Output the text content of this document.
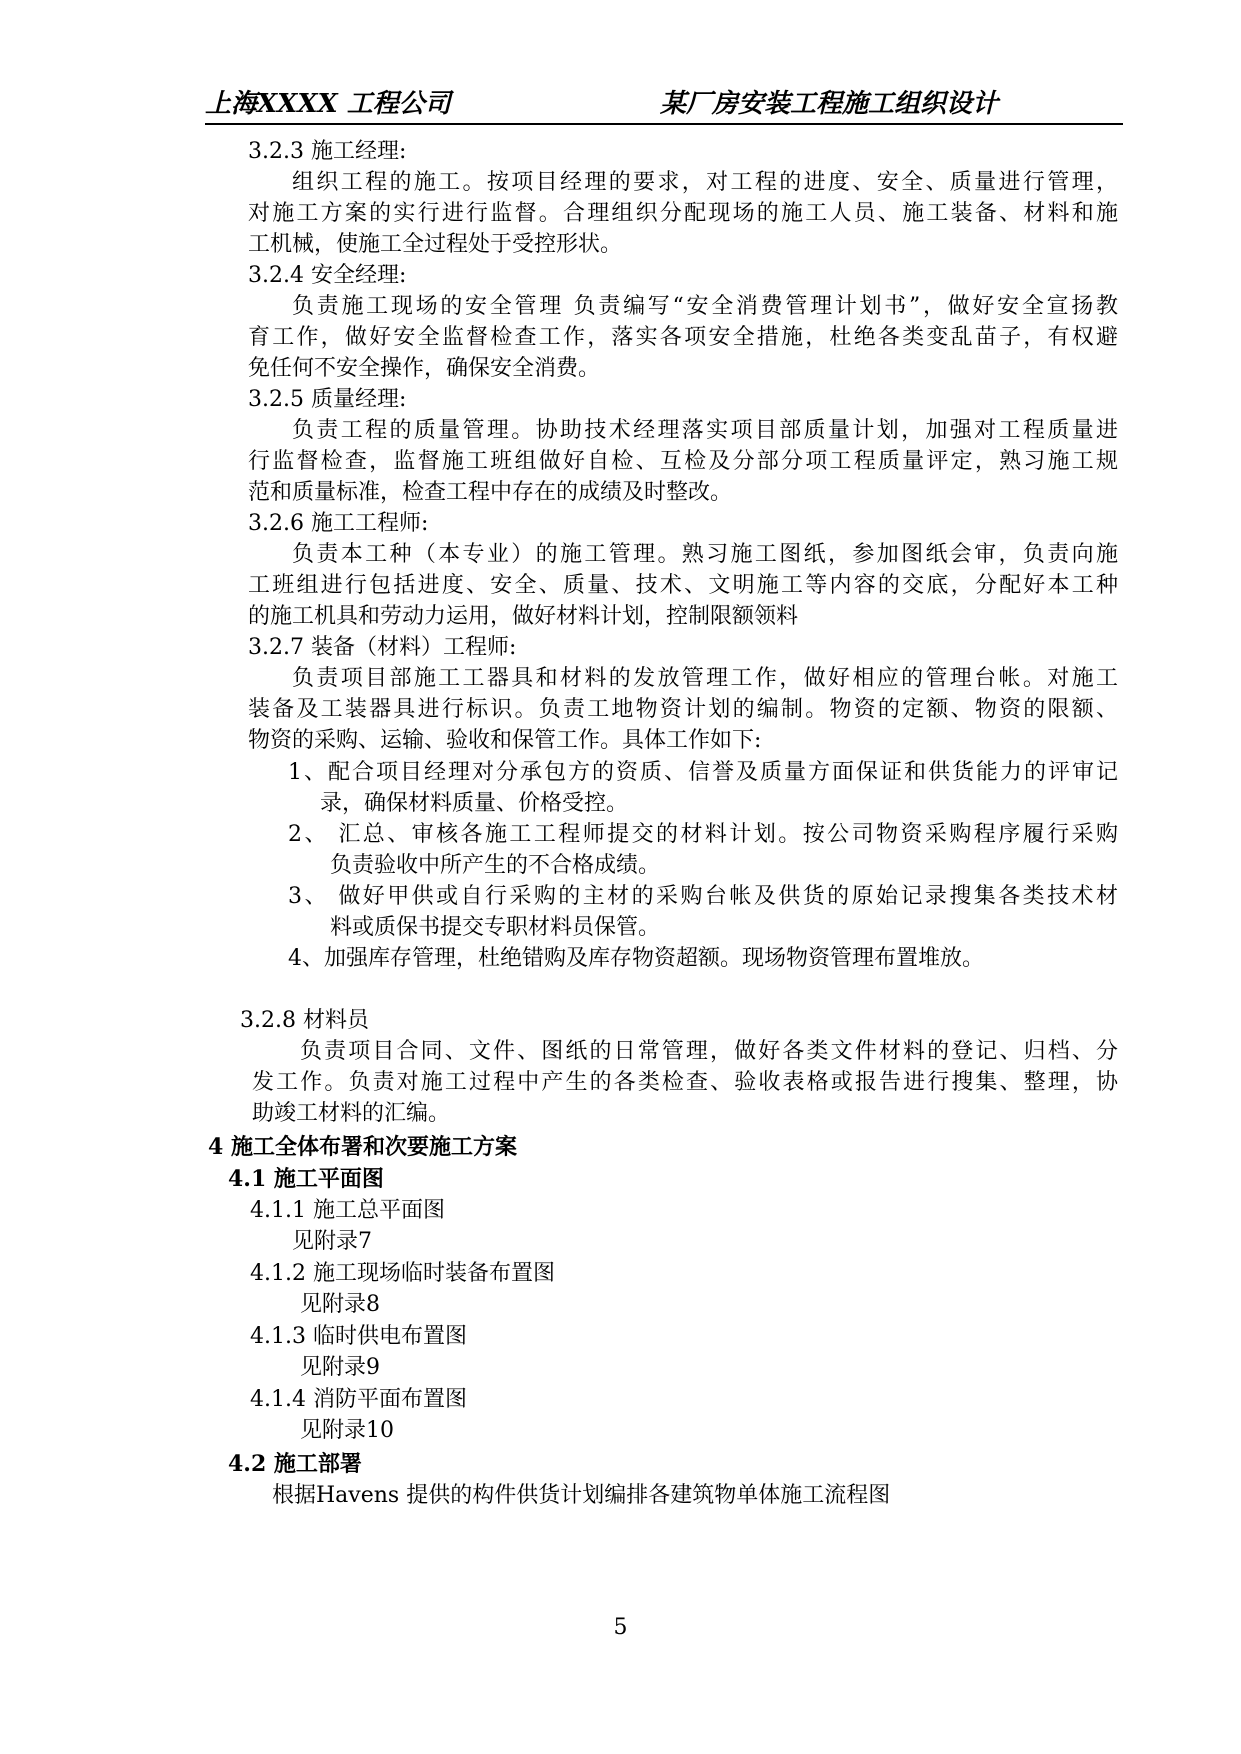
上海XXXX 工程公司	某厂房安装工程施工组织设计
3.2.3 施工经理:
组织工程的施工。按项目经理的要求，对工程的进度、安全、质量进行管理，
对施工方案的实行进行监督。合理组织分配现场的施工人员、施工装备、材料和施
工机械，使施工全过程处于受控形状。
3.2.4 安全经理:
负责施工现场的安全管理 负责编写“安全消费管理计划书”，做好安全宣扬教
育工作，做好安全监督检查工作，落实各项安全措施，杜绝各类变乱苗子，有权避
免任何不安全操作，确保安全消费。
3.2.5 质量经理:
负责工程的质量管理。协助技术经理落实项目部质量计划，加强对工程质量进
行监督检查，监督施工班组做好自检、互检及分部分项工程质量评定，熟习施工规
范和质量标准，检查工程中存在的成绩及时整改。
3.2.6 施工工程师:
负责本工种（本专业）的施工管理。熟习施工图纸，参加图纸会审，负责向施
工班组进行包括进度、安全、质量、技术、文明施工等内容的交底，分配好本工种
的施工机具和劳动力运用，做好材料计划，控制限额领料
3.2.7 装备（材料）工程师:
负责项目部施工工器具和材料的发放管理工作，做好相应的管理台帐。对施工
装备及工装器具进行标识。负责工地物资计划的编制。物资的定额、物资的限额、
物资的采购、运输、验收和保管工作。具体工作如下:
1、配合项目经理对分承包方的资质、信誉及质量方面保证和供货能力的评审记
录，确保材料质量、价格受控。
2、 汇总、审核各施工工程师提交的材料计划。按公司物资采购程序履行采购
负责验收中所产生的不合格成绩。
3、 做好甲供或自行采购的主材的采购台帐及供货的原始记录搜集各类技术材
料或质保书提交专职材料员保管。
4、加强库存管理，杜绝错购及库存物资超额。现场物资管理布置堆放。
3.2.8 材料员
负责项目合同、文件、图纸的日常管理，做好各类文件材料的登记、归档、分
发工作。负责对施工过程中产生的各类检查、验收表格或报告进行搜集、整理，协
助竣工材料的汇编。
4 施工全体布署和次要施工方案
4.1 施工平面图
4.1.1 施工总平面图
见附录7
4.1.2 施工现场临时装备布置图
见附录8
4.1.3 临时供电布置图
见附录9
4.1.4 消防平面布置图
见附录10
4.2 施工部署
根据Havens 提供的构件供货计划编排各建筑物单体施工流程图
5
